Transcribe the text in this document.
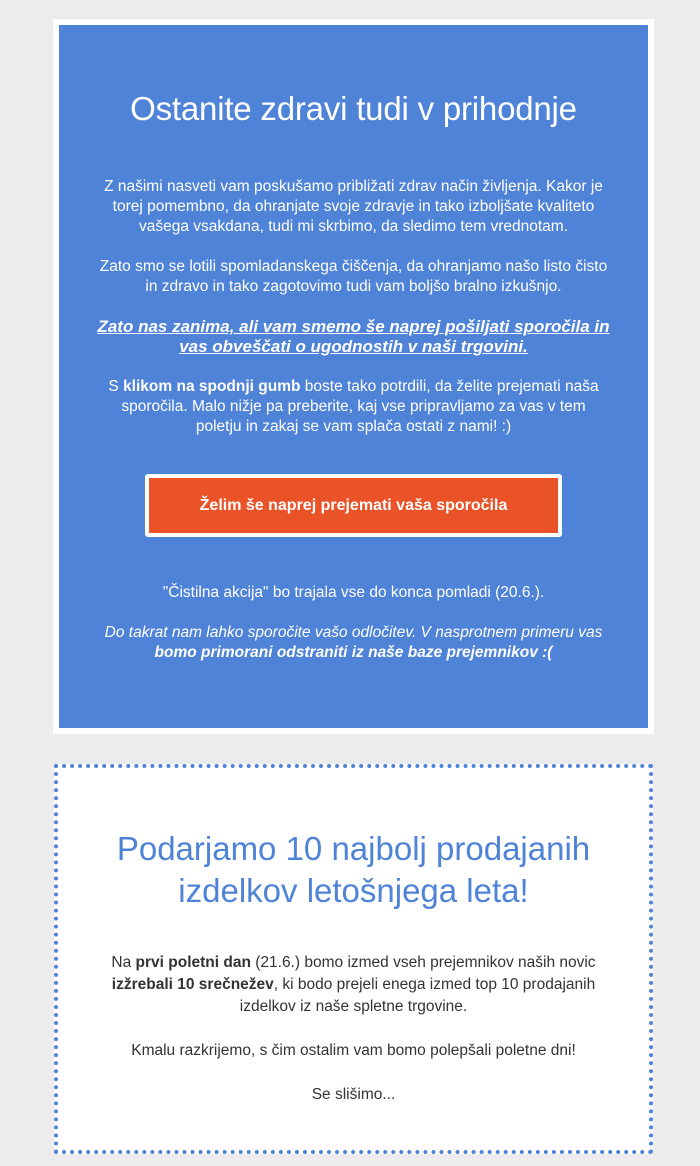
Ostanite zdravi tudi v prihodnje

Z našimi nasveti vam poskušamo približati zdrav način življenja. Kakor je torej pomembno, da ohranjate svoje zdravje in tako izboljšate kvaliteto vašega vsakdana, tudi mi skrbimo, da sledimo tem vrednotam.

Zato smo se lotili spomladanskega čiščenja, da ohranjamo našo listo čisto in zdravo in tako zagotovimo tudi vam boljšo bralno izkušnjo.

Zato nas zanima, ali vam smemo še naprej pošiljati sporočila in vas obveščati o ugodnostih v naši trgovini.

S klikom na spodnji gumb boste tako potrdili, da želite prejemati naša sporočila. Malo nižje pa preberite, kaj vse pripravljamo za vas v tem poletju in zakaj se vam splača ostati z nami! :)

Želim še naprej prejemati vaša sporočila

"Čistilna akcija" bo trajala vse do konca pomladi (20.6.).

Do takrat nam lahko sporočite vašo odločitev. V nasprotnem primeru vas bomo primorani odstraniti iz naše baze prejemnikov :(

Podarjamo 10 najbolj prodajanih izdelkov letošnjega leta!

Na prvi poletni dan (21.6.) bomo izmed vseh prejemnikov naših novic izžrebali 10 srečnežev, ki bodo prejeli enega izmed top 10 prodajanih izdelkov iz naše spletne trgovine.

Kmalu razkrijemo, s čim ostalim vam bomo polepšali poletne dni!

Se slišimo...
